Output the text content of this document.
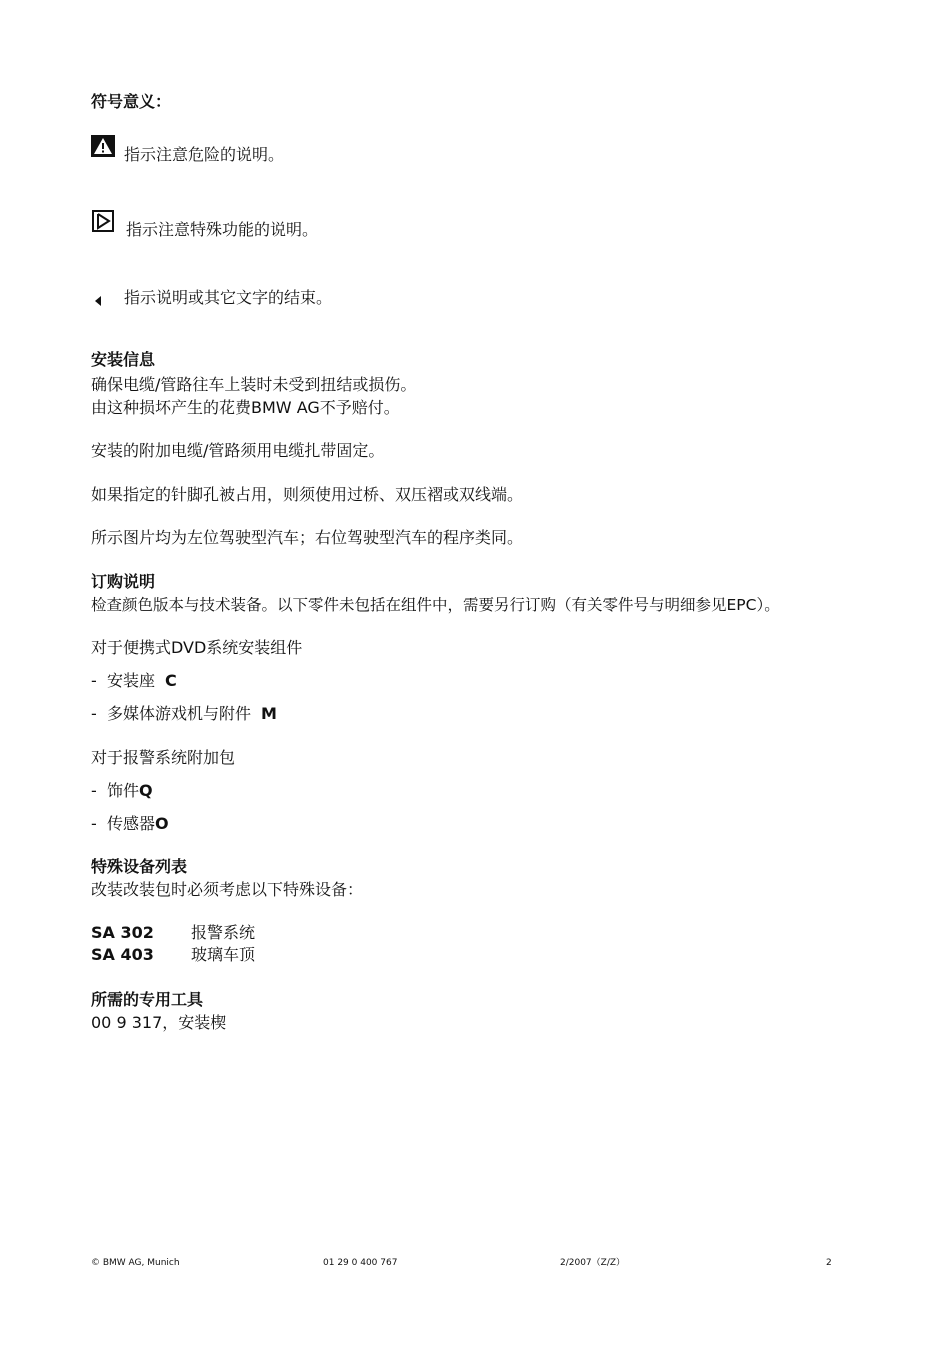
符号意义：
指示注意危险的说明。
指示注意特殊功能的说明。
指示说明或其它文字的结束。
安装信息
确保电缆/管路往车上装时未受到扭结或损伤。
由这种损坏产生的花费BMW AG不予赔付。
安装的附加电缆/管路须用电缆扎带固定。
如果指定的针脚孔被占用，则须使用过桥、双压褶或双线端。
所示图片均为左位驾驶型汽车；右位驾驶型汽车的程序类同。
订购说明
检查颜色版本与技术装备。以下零件未包括在组件中，需要另行订购（有关零件号与明细参见EPC）。
对于便携式DVD系统安装组件
- 安装座 C
- 多媒体游戏机与附件 M
对于报警系统附加包
- 饰件Q
- 传感器O
特殊设备列表
改装改装包时必须考虑以下特殊设备：
SA 302 报警系统
SA 403 玻璃车顶
所需的专用工具
00 9 317，安装楔
© BMW AG, Munich	01 29 0 400 767	2/2007（Z/Z）	2
